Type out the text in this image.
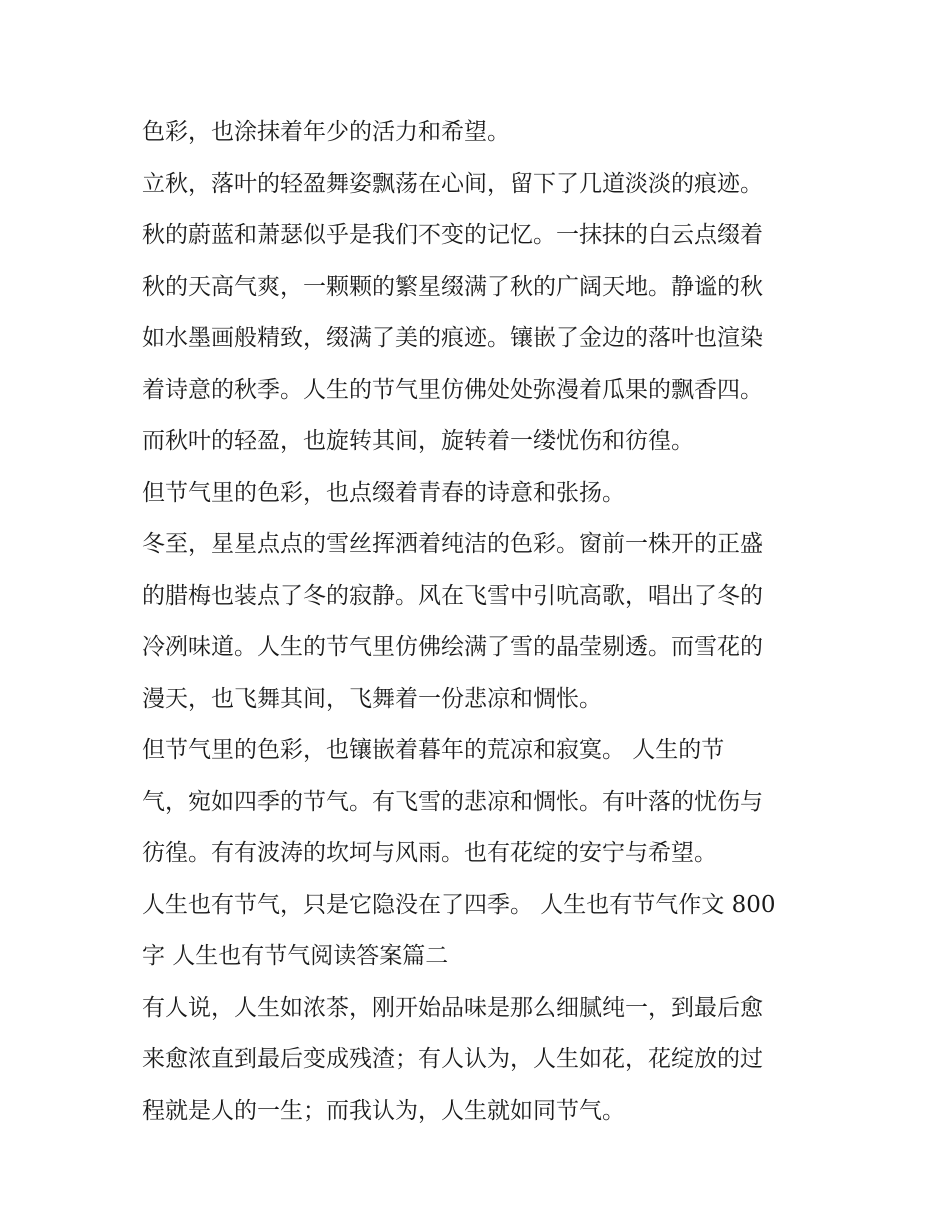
色彩，也涂抹着年少的活力和希望。
立秋，落叶的轻盈舞姿飘荡在心间，留下了几道淡淡的痕迹。
秋的蔚蓝和萧瑟似乎是我们不变的记忆。一抹抹的白云点缀着
秋的天高气爽，一颗颗的繁星缀满了秋的广阔天地。静谧的秋
如水墨画般精致，缀满了美的痕迹。镶嵌了金边的落叶也渲染
着诗意的秋季。人生的节气里仿佛处处弥漫着瓜果的飘香四。
而秋叶的轻盈，也旋转其间，旋转着一缕忧伤和彷徨。
但节气里的色彩，也点缀着青春的诗意和张扬。
冬至，星星点点的雪丝挥洒着纯洁的色彩。窗前一株开的正盛
的腊梅也装点了冬的寂静。风在飞雪中引吭高歌，唱出了冬的
冷冽味道。人生的节气里仿佛绘满了雪的晶莹剔透。而雪花的
漫天，也飞舞其间，飞舞着一份悲凉和惆怅。
但节气里的色彩，也镶嵌着暮年的荒凉和寂寞。 人生的节
气，宛如四季的节气。有飞雪的悲凉和惆怅。有叶落的忧伤与
彷徨。有有波涛的坎坷与风雨。也有花绽的安宁与希望。
人生也有节气，只是它隐没在了四季。 人生也有节气作文 800
字 人生也有节气阅读答案篇二
有人说，人生如浓茶，刚开始品味是那么细腻纯一，到最后愈
来愈浓直到最后变成残渣；有人认为，人生如花，花绽放的过
程就是人的一生；而我认为，人生就如同节气。
